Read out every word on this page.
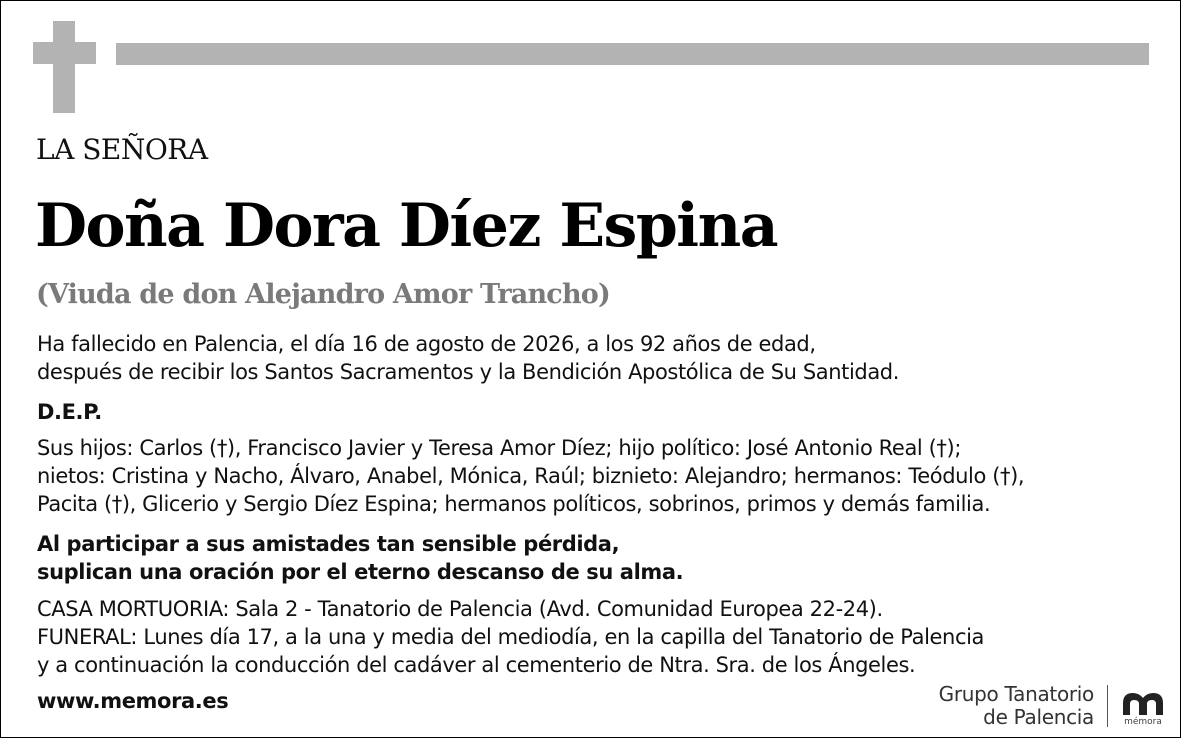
LA SEÑORA
Doña Dora Díez Espina
(Viuda de don Alejandro Amor Trancho)
Ha fallecido en Palencia, el día 16 de agosto de 2026, a los 92 años de edad,
después de recibir los Santos Sacramentos y la Bendición Apostólica de Su Santidad.
D.E.P.
Sus hijos: Carlos (†), Francisco Javier y Teresa Amor Díez; hijo político: José Antonio Real (†);
nietos: Cristina y Nacho, Álvaro, Anabel, Mónica, Raúl; biznieto: Alejandro; hermanos: Teódulo (†),
Pacita (†), Glicerio y Sergio Díez Espina; hermanos políticos, sobrinos, primos y demás familia.
Al participar a sus amistades tan sensible pérdida,
suplican una oración por el eterno descanso de su alma.
CASA MORTUORIA: Sala 2 - Tanatorio de Palencia (Avd. Comunidad Europea 22-24).
FUNERAL: Lunes día 17, a la una y media del mediodía, en la capilla del Tanatorio de Palencia
y a continuación la conducción del cadáver al cementerio de Ntra. Sra. de los Ángeles.
www.memora.es	Grupo Tanatorio
de Palencia	mémora
